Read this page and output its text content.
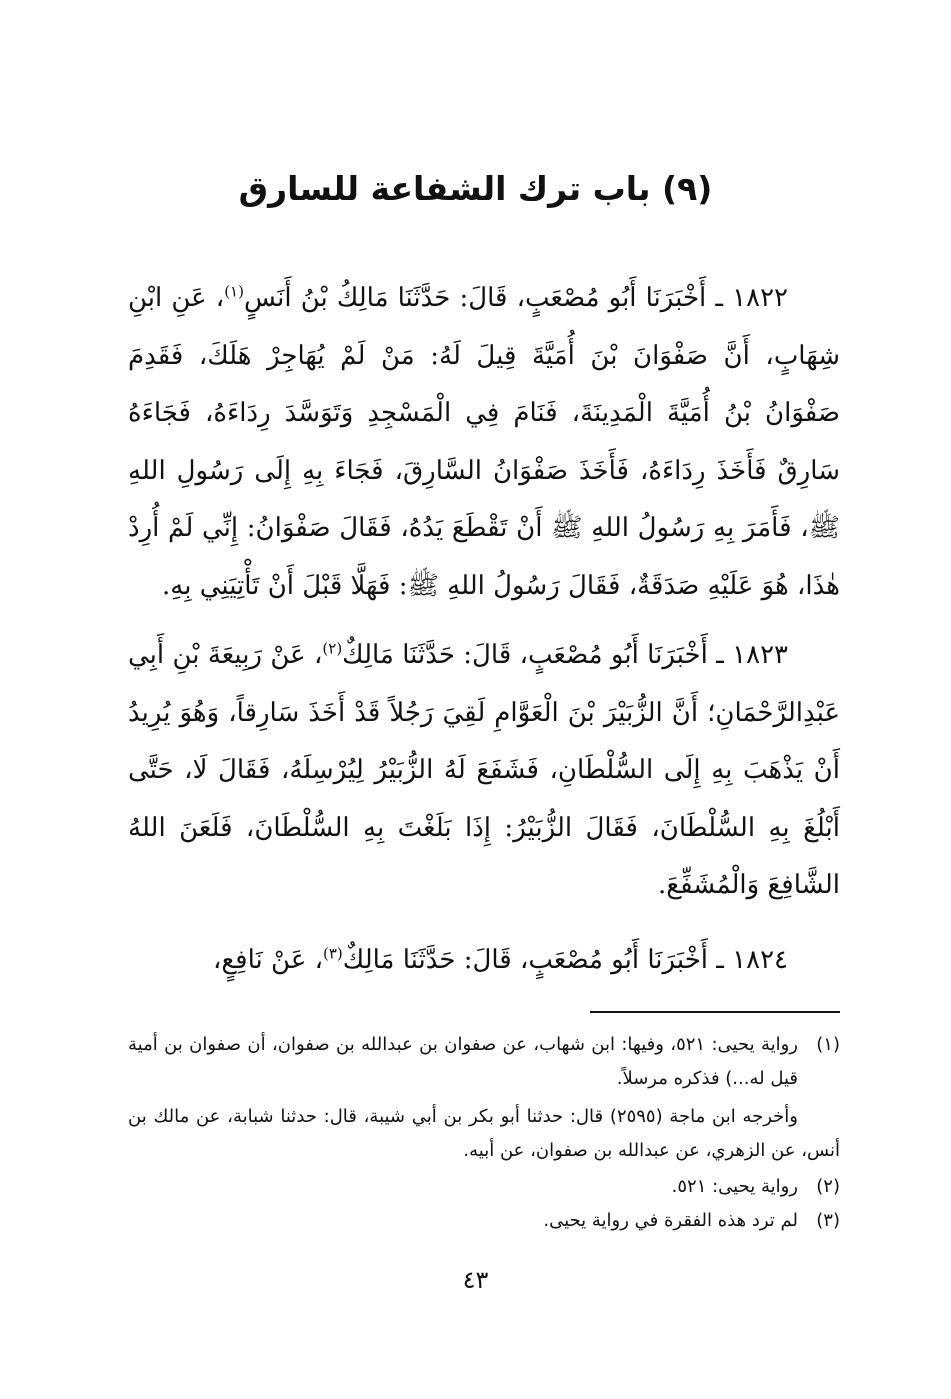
(٩) باب ترك الشفاعة للسارق

١٨٢٢ ـ أَخْبَرَنَا أَبُو مُصْعَبٍ، قَالَ: حَدَّثَنَا مَالِكُ بْنُ أَنَسٍ$^{(١)}$، عَنِ ابْنِ شِهَابٍ، أَنَّ صَفْوَانَ بْنَ أُمَيَّةَ قِيلَ لَهُ: مَنْ لَمْ يُهَاجِرْ هَلَكَ، فَقَدِمَ صَفْوَانُ بْنُ أُمَيَّةَ الْمَدِينَةَ، فَنَامَ فِي الْمَسْجِدِ وَتَوَسَّدَ رِدَاءَهُ، فَجَاءَهُ سَارِقٌ فَأَخَذَ رِدَاءَهُ، فَأَخَذَ صَفْوَانُ السَّارِقَ، فَجَاءَ بِهِ إِلَى رَسُولِ اللهِ ﷺ، فَأَمَرَ بِهِ رَسُولُ اللهِ ﷺ أَنْ تَقْطَعَ يَدُهُ، فَقَالَ صَفْوَانُ: إِنِّي لَمْ أُرِدْ هٰذَا، هُوَ عَلَيْهِ صَدَقَةٌ، فَقَالَ رَسُولُ اللهِ ﷺ: فَهَلَّا قَبْلَ أَنْ تَأْتِيَنِي بِهِ.

١٨٢٣ ـ أَخْبَرَنَا أَبُو مُصْعَبٍ، قَالَ: حَدَّثَنَا مَالِكٌ$^{(٢)}$، عَنْ رَبِيعَةَ بْنِ أَبِي عَبْدِالرَّحْمَانِ؛ أَنَّ الزُّبَيْرَ بْنَ الْعَوَّامِ لَقِيَ رَجُلاً قَدْ أَخَذَ سَارِقاً، وَهُوَ يُرِيدُ أَنْ يَذْهَبَ بِهِ إِلَى السُّلْطَانِ، فَشَفَعَ لَهُ الزُّبَيْرُ لِيُرْسِلَهُ، فَقَالَ لَا، حَتَّى أَبْلُغَ بِهِ السُّلْطَانَ، فَقَالَ الزُّبَيْرُ: إِذَا بَلَغْتَ بِهِ السُّلْطَانَ، فَلَعَنَ اللهُ الشَّافِعَ وَالْمُشَفِّعَ.

١٨٢٤ ـ أَخْبَرَنَا أَبُو مُصْعَبٍ، قَالَ: حَدَّثَنَا مَالِكٌ$^{(٣)}$، عَنْ نَافِعٍ،

(١)
رواية يحيى: ٥٢١، وفيها: ابن شهاب، عن صفوان بن عبدالله بن صفوان، أن صفوان بن أمية قيل له...) فذكره مرسلاً.

وأخرجه ابن ماجة (٢٥٩٥) قال: حدثنا أبو بكر بن أبي شيبة، قال: حدثنا شبابة، عن مالك بن أنس، عن الزهري، عن عبدالله بن صفوان، عن أبيه.

(٢)
رواية يحيى: ٥٢١.

(٣)
لم ترد هذه الفقرة في رواية يحيى.

٤٣
